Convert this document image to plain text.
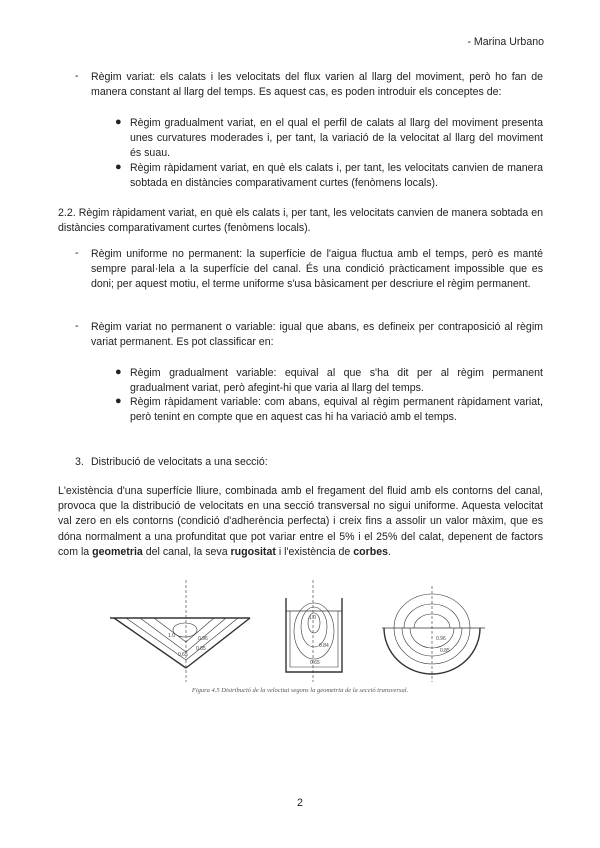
- Marina Urbano
- Règim variat: els calats i les velocitats del flux varien al llarg del moviment, però ho fan de manera constant al llarg del temps. Es aquest cas, es poden introduir els conceptes de:
● Règim gradualment variat, en el qual el perfil de calats al llarg del moviment presenta unes curvatures moderades i, per tant, la variació de la velocitat al llarg del moviment és suau.
● Règim ràpidament variat, en què els calats i, per tant, les velocitats canvien de manera sobtada en distàncies comparativament curtes (fenòmens locals).
2.2. Règim ràpidament variat, en què els calats i, per tant, les velocitats canvien de manera sobtada en distàncies comparativament curtes (fenòmens locals).
- Règim uniforme no permanent: la superfície de l'aigua fluctua amb el temps, però es manté sempre paral·lela a la superfície del canal. És una condició pràcticament impossible que es doni; per aquest motiu, el terme uniforme s'usa bàsicament per descriure el règim permanent.
- Règim variat no permanent o variable: igual que abans, es defineix per contraposició al règim variat permanent. Es pot classificar en:
● Règim gradualment variable: equival al que s'ha dit per al règim permanent gradualment variat, però afegint-hi que varia al llarg del temps.
● Règim ràpidament variable: com abans, equival al règim permanent ràpidament variat, però tenint en compte que en aquest cas hi ha variació amb el temps.
3. Distribució de velocitats a una secció:
L'existència d'una superfície lliure, combinada amb el fregament del fluid amb els contorns del canal, provoca que la distribució de velocitats en una secció transversal no sigui uniforme. Aquesta velocitat val zero en els contorns (condició d'adherència perfecta) i creix fins a assolir un valor màxim, que es dóna normalment a una profunditat que pot variar entre el 5% i el 25% del calat, depenent de factors com la geometria del canal, la seva rugositat i l'existència de corbes.
1.0	0.96
0.85
0.65
1.0
0.84
0.65
0.96
0.85
Figura 4.5 Distribució de la velocitat segons la geometria de la secció transversal.
2
